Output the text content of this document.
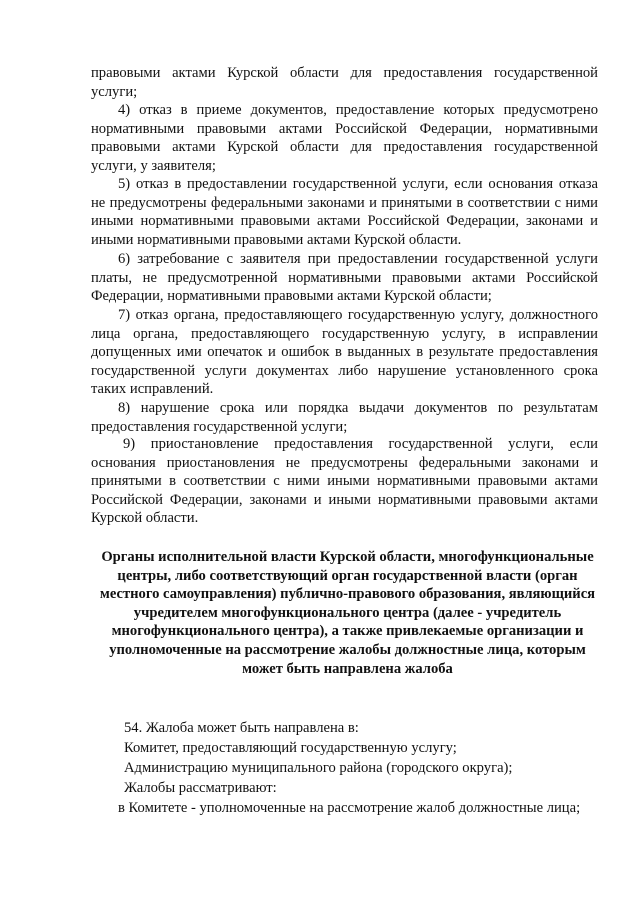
правовыми актами Курской области для предоставления государственной услуги;

4) отказ в приеме документов, предоставление которых предусмотрено нормативными правовыми актами Российской Федерации, нормативными правовыми актами Курской области для предоставления государственной услуги, у заявителя;

5) отказ в предоставлении государственной услуги, если основания отказа не предусмотрены федеральными законами и принятыми в соответствии с ними иными нормативными правовыми актами Российской Федерации, законами и иными нормативными правовыми актами Курской области.

6) затребование с заявителя при предоставлении государственной услуги платы, не предусмотренной нормативными правовыми актами Российской Федерации, нормативными правовыми актами Курской области;

7) отказ органа, предоставляющего государственную услугу, должностного лица органа, предоставляющего государственную услугу, в исправлении допущенных ими опечаток и ошибок в выданных в результате предоставления государственной услуги документах либо нарушение установленного срока таких исправлений.

8) нарушение срока или порядка выдачи документов по результатам предоставления государственной услуги;

9) приостановление предоставления государственной услуги, если основания приостановления не предусмотрены федеральными законами и принятыми в соответствии с ними иными нормативными правовыми актами Российской Федерации, законами и иными нормативными правовыми актами Курской области.

Органы исполнительной власти Курской области, многофункциональные центры, либо соответствующий орган государственной власти (орган местного самоуправления) публично-правового образования, являющийся учредителем многофункционального центра (далее - учредитель многофункционального центра), а также привлекаемые организации и уполномоченные на рассмотрение жалобы должностные лица, которым может быть направлена жалоба

54. Жалоба может быть направлена в:

Комитет, предоставляющий государственную услугу;

Администрацию муниципального района (городского округа);

Жалобы рассматривают:

в Комитете - уполномоченные на рассмотрение жалоб должностные лица;
